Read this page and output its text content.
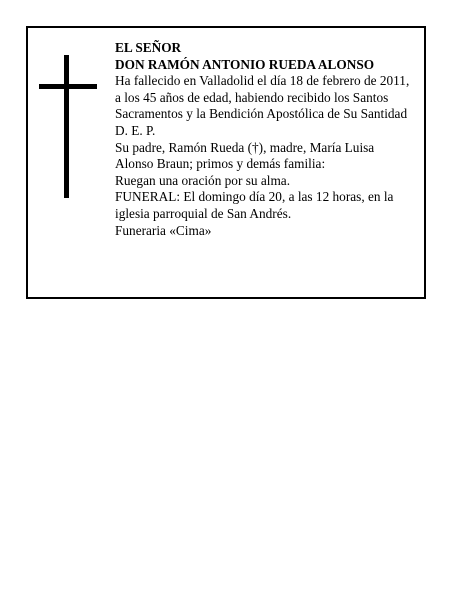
EL SEÑOR
DON RAMÓN ANTONIO RUEDA ALONSO
Ha fallecido en Valladolid el día 18 de febrero de 2011,
a los 45 años de edad, habiendo recibido los Santos
Sacramentos y la Bendición Apostólica de Su Santidad
D. E. P.
Su padre, Ramón Rueda (†), madre, María Luisa
Alonso Braun; primos y demás familia:
Ruegan una oración por su alma.
FUNERAL: El domingo día 20, a las 12 horas, en la
iglesia parroquial de San Andrés.
Funeraria «Cima»
